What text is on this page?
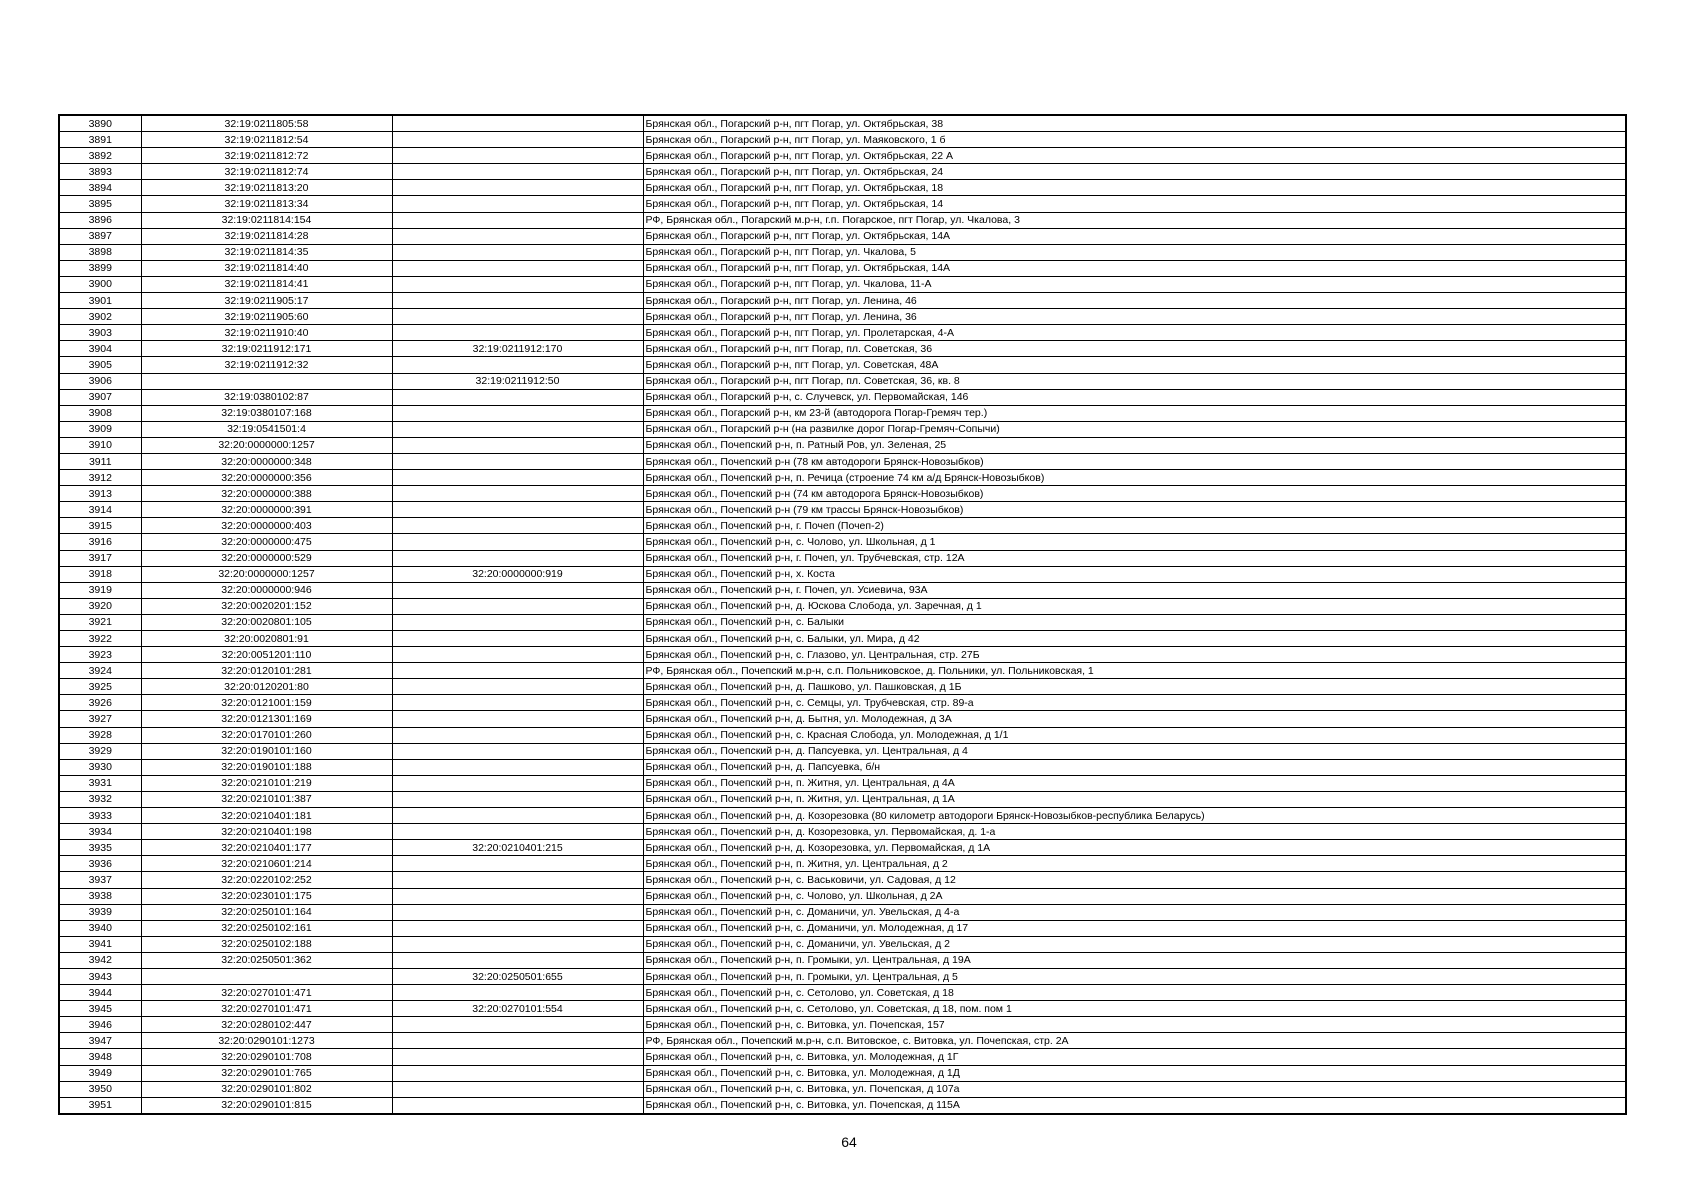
3890	32:19:0211805:58		Брянская обл., Погарский р-н, пгт Погар, ул. Октябрьская, 38
3891	32:19:0211812:54		Брянская обл., Погарский р-н, пгт Погар, ул. Маяковского, 1 б
3892	32:19:0211812:72		Брянская обл., Погарский р-н, пгт Погар, ул. Октябрьская, 22 А
3893	32:19:0211812:74		Брянская обл., Погарский р-н, пгт Погар, ул. Октябрьская, 24
3894	32:19:0211813:20		Брянская обл., Погарский р-н, пгт Погар, ул. Октябрьская, 18
3895	32:19:0211813:34		Брянская обл., Погарский р-н, пгт Погар, ул. Октябрьская, 14
3896	32:19:0211814:154		РФ, Брянская обл., Погарский м.р-н, г.п. Погарское, пгт Погар, ул. Чкалова, 3
3897	32:19:0211814:28		Брянская обл., Погарский р-н, пгт Погар, ул. Октябрьская, 14А
3898	32:19:0211814:35		Брянская обл., Погарский р-н, пгт Погар, ул. Чкалова, 5
3899	32:19:0211814:40		Брянская обл., Погарский р-н, пгт Погар, ул. Октябрьская, 14А
3900	32:19:0211814:41		Брянская обл., Погарский р-н, пгт Погар, ул. Чкалова, 11-А
3901	32:19:0211905:17		Брянская обл., Погарский р-н, пгт Погар, ул. Ленина, 46
3902	32:19:0211905:60		Брянская обл., Погарский р-н, пгт Погар, ул. Ленина, 36
3903	32:19:0211910:40		Брянская обл., Погарский р-н, пгт Погар, ул. Пролетарская, 4-А
3904	32:19:0211912:171	32:19:0211912:170	Брянская обл., Погарский р-н, пгт Погар, пл. Советская, 36
3905	32:19:0211912:32		Брянская обл., Погарский р-н, пгт Погар, ул. Советская, 48А
3906		32:19:0211912:50	Брянская обл., Погарский р-н, пгт Погар, пл. Советская, 36, кв. 8
3907	32:19:0380102:87		Брянская обл., Погарский р-н, с. Случевск, ул. Первомайская, 146
3908	32:19:0380107:168		Брянская обл., Погарский р-н, км 23-й (автодорога Погар-Гремяч тер.)
3909	32:19:0541501:4		Брянская обл., Погарский р-н (на развилке дорог Погар-Гремяч-Сопычи)
3910	32:20:0000000:1257		Брянская обл., Почепский р-н, п. Ратный Ров, ул. Зеленая, 25
3911	32:20:0000000:348		Брянская обл., Почепский р-н (78 км автодороги Брянск-Новозыбков)
3912	32:20:0000000:356		Брянская обл., Почепский р-н, п. Речица (строение 74 км а/д Брянск-Новозыбков)
3913	32:20:0000000:388		Брянская обл., Почепский р-н (74 км автодорога Брянск-Новозыбков)
3914	32:20:0000000:391		Брянская обл., Почепский р-н (79 км трассы Брянск-Новозыбков)
3915	32:20:0000000:403		Брянская обл., Почепский р-н, г. Почеп (Почеп-2)
3916	32:20:0000000:475		Брянская обл., Почепский р-н, с. Чолово, ул. Школьная, д 1
3917	32:20:0000000:529		Брянская обл., Почепский р-н, г. Почеп, ул. Трубчевская, стр. 12А
3918	32:20:0000000:1257	32:20:0000000:919	Брянская обл., Почепский р-н, х. Коста
3919	32:20:0000000:946		Брянская обл., Почепский р-н, г. Почеп, ул. Усиевича, 93А
3920	32:20:0020201:152		Брянская обл., Почепский р-н, д. Юскова Слобода, ул. Заречная, д 1
3921	32:20:0020801:105		Брянская обл., Почепский р-н, с. Балыки
3922	32:20:0020801:91		Брянская обл., Почепский р-н, с. Балыки, ул. Мира, д 42
3923	32:20:0051201:110		Брянская обл., Почепский р-н, с. Глазово, ул. Центральная, стр. 27Б
3924	32:20:0120101:281		РФ, Брянская обл., Почепский м.р-н, с.п. Польниковское, д. Польники, ул. Польниковская, 1
3925	32:20:0120201:80		Брянская обл., Почепский р-н, д. Пашково, ул. Пашковская, д 1Б
3926	32:20:0121001:159		Брянская обл., Почепский р-н, с. Семцы, ул. Трубчевская, стр. 89-а
3927	32:20:0121301:169		Брянская обл., Почепский р-н, д. Бытня, ул. Молодежная, д 3А
3928	32:20:0170101:260		Брянская обл., Почепский р-н, с. Красная Слобода, ул. Молодежная, д 1/1
3929	32:20:0190101:160		Брянская обл., Почепский р-н, д. Папсуевка, ул. Центральная, д 4
3930	32:20:0190101:188		Брянская обл., Почепский р-н, д. Папсуевка, б/н
3931	32:20:0210101:219		Брянская обл., Почепский р-н, п. Житня, ул. Центральная, д 4А
3932	32:20:0210101:387		Брянская обл., Почепский р-н, п. Житня, ул. Центральная, д 1А
3933	32:20:0210401:181		Брянская обл., Почепский р-н, д. Козорезовка (80 километр автодороги Брянск-Новозыбков-республика Беларусь)
3934	32:20:0210401:198		Брянская обл., Почепский р-н, д. Козорезовка, ул. Первомайская, д. 1-а
3935	32:20:0210401:177	32:20:0210401:215	Брянская обл., Почепский р-н, д. Козорезовка, ул. Первомайская, д 1А
3936	32:20:0210601:214		Брянская обл., Почепский р-н, п. Житня, ул. Центральная, д 2
3937	32:20:0220102:252		Брянская обл., Почепский р-н, с. Васьковичи, ул. Садовая, д 12
3938	32:20:0230101:175		Брянская обл., Почепский р-н, с. Чолово, ул. Школьная, д 2А
3939	32:20:0250101:164		Брянская обл., Почепский р-н, с. Доманичи, ул. Увельская, д 4-а
3940	32:20:0250102:161		Брянская обл., Почепский р-н, с. Доманичи, ул. Молодежная, д 17
3941	32:20:0250102:188		Брянская обл., Почепский р-н, с. Доманичи, ул. Увельская, д 2
3942	32:20:0250501:362		Брянская обл., Почепский р-н, п. Громыки, ул. Центральная, д 19А
3943		32:20:0250501:655	Брянская обл., Почепский р-н, п. Громыки, ул. Центральная, д 5
3944	32:20:0270101:471		Брянская обл., Почепский р-н, с. Сетолово, ул. Советская, д 18
3945	32:20:0270101:471	32:20:0270101:554	Брянская обл., Почепский р-н, с. Сетолово, ул. Советская, д 18, пом. пом 1
3946	32:20:0280102:447		Брянская обл., Почепский р-н, с. Витовка, ул. Почепская, 157
3947	32:20:0290101:1273		РФ, Брянская обл., Почепский м.р-н, с.п. Витовское, с. Витовка, ул. Почепская, стр. 2А
3948	32:20:0290101:708		Брянская обл., Почепский р-н, с. Витовка, ул. Молодежная, д 1Г
3949	32:20:0290101:765		Брянская обл., Почепский р-н, с. Витовка, ул. Молодежная, д 1Д
3950	32:20:0290101:802		Брянская обл., Почепский р-н, с. Витовка, ул. Почепская, д 107а
3951	32:20:0290101:815		Брянская обл., Почепский р-н, с. Витовка, ул. Почепская, д 115А
64
